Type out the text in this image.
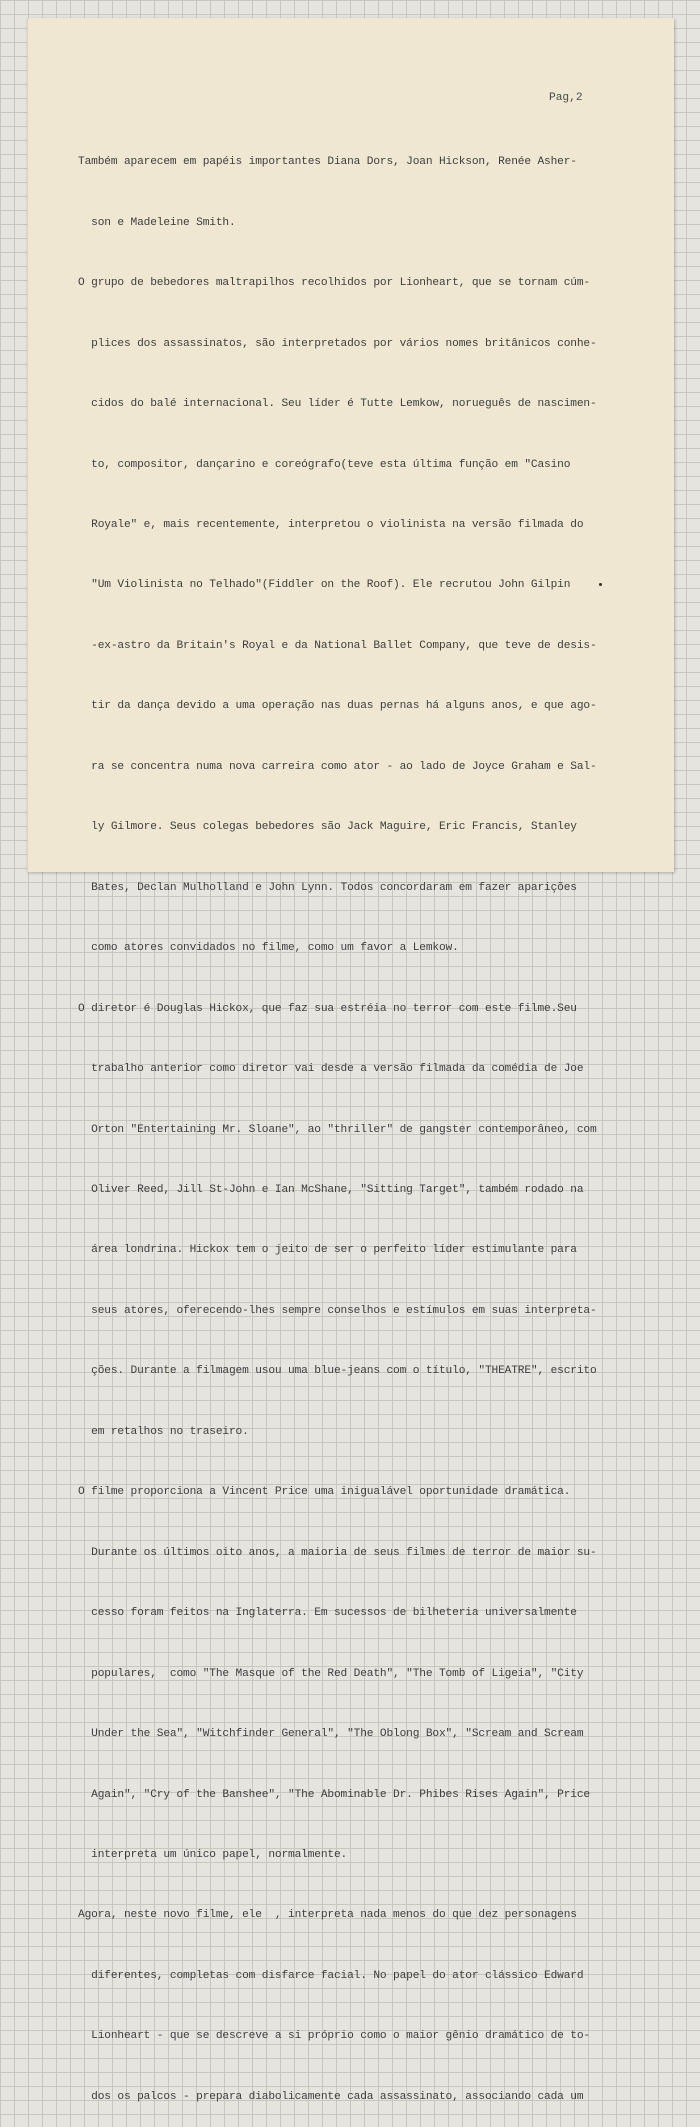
Pag,2

Também aparecem em papéis importantes Diana Dors, Joan Hickson, Renée Asher-

son e Madeleine Smith.

O grupo de bebedores maltrapilhos recolhidos por Lionheart, que se tornam cúm-

plices dos assassinatos, são interpretados por vários nomes britânicos conhe-

cidos do balé internacional. Seu líder é Tutte Lemkow, norueguês de nascimen-

to, compositor, dançarino e coreógrafo(teve esta última função em "Casino

Royale" e, mais recentemente, interpretou o violinista na versão filmada do

"Um Violinista no Telhado"(Fiddler on the Roof). Ele recrutou John Gilpin

-ex-astro da Britain's Royal e da National Ballet Company, que teve de desis-

tir da dança devido a uma operação nas duas pernas há alguns anos, e que ago-

ra se concentra numa nova carreira como ator - ao lado de Joyce Graham e Sal-

ly Gilmore. Seus colegas bebedores são Jack Maguire, Eric Francis, Stanley

Bates, Declan Mulholland e John Lynn. Todos concordaram em fazer aparições

como atores convidados no filme, como um favor a Lemkow.

O diretor é Douglas Hickox, que faz sua estréia no terror com este filme.Seu

trabalho anterior como diretor vai desde a versão filmada da comédia de Joe

Orton "Entertaining Mr. Sloane", ao "thriller" de gangster contemporâneo, com

Oliver Reed, Jill St-John e Ian McShane, "Sitting Target", também rodado na

área londrina. Hickox tem o jeito de ser o perfeito líder estimulante para

seus atores, oferecendo-lhes sempre conselhos e estímulos em suas interpreta-

ções. Durante a filmagem usou uma blue-jeans com o título, "THEATRE", escrito

em retalhos no traseiro.

O filme proporciona a Vincent Price uma inigualável oportunidade dramática.

Durante os últimos oito anos, a maioria de seus filmes de terror de maior su-

cesso foram feitos na Inglaterra. Em sucessos de bilheteria universalmente

populares,  como "The Masque of the Red Death", "The Tomb of Ligeia", "City

Under the Sea", "Witchfinder General", "The Oblong Box", "Scream and Scream

Again", "Cry of the Banshee", "The Abominable Dr. Phibes Rises Again", Price

interpreta um único papel, normalmente.

Agora, neste novo filme, ele  , interpreta nada menos do que dez personagens

diferentes, completas com disfarce facial. No papel do ator clássico Edward

Lionheart - que se descreve a si próprio como o maior gênio dramático de to-

dos os palcos - prepara diabolicamente cada assassinato, associando cada um
